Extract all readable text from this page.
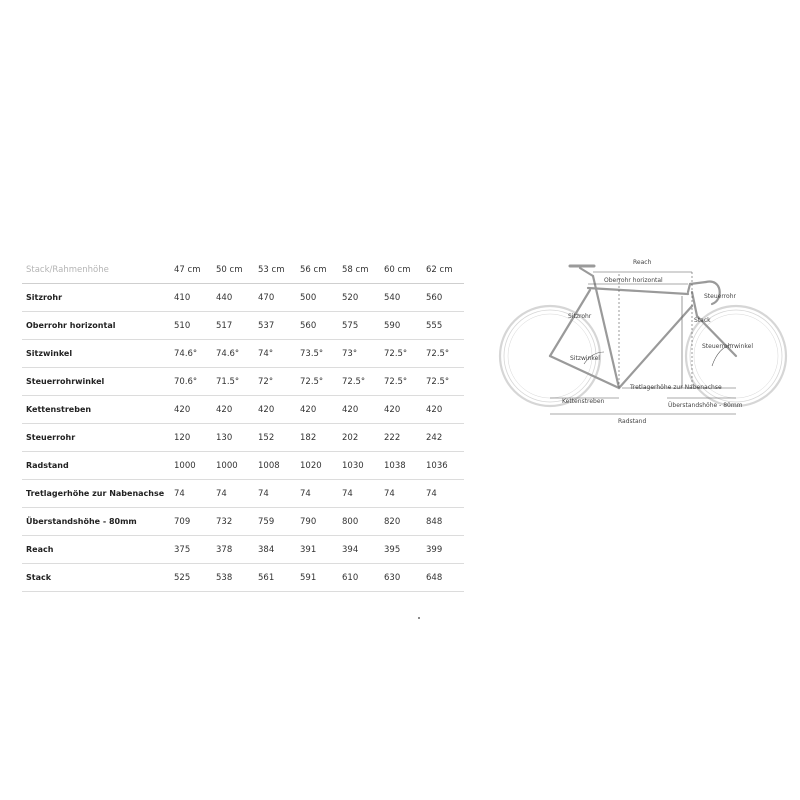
Stack/Rahmenhöhe	47 cm	50 cm	53 cm	56 cm	58 cm	60 cm	62 cm
Sitzrohr	410	440	470	500	520	540	560
Oberrohr horizontal	510	517	537	560	575	590	555
Sitzwinkel	74.6°	74.6°	74°	73.5°	73°	72.5°	72.5°
Steuerrohrwinkel	70.6°	71.5°	72°	72.5°	72.5°	72.5°	72.5°
Kettenstreben	420	420	420	420	420	420	420
Steuerrohr	120	130	152	182	202	222	242
Radstand	1000	1000	1008	1020	1030	1038	1036
Tretlagerhöhe zur Nabenachse	74	74	74	74	74	74	74
Überstandshöhe - 80mm	709	732	759	790	800	820	848
Reach	375	378	384	391	394	395	399
Stack	525	538	561	591	610	630	648
Reach
Oberrohr horizontal
Steuerrohr
Sitzrohr
Stack
Steuerrohrwinkel
Sitzwinkel
Tretlagerhöhe zur Nabenachse
Kettenstreben
Überstandshöhe - 80mm
Radstand
